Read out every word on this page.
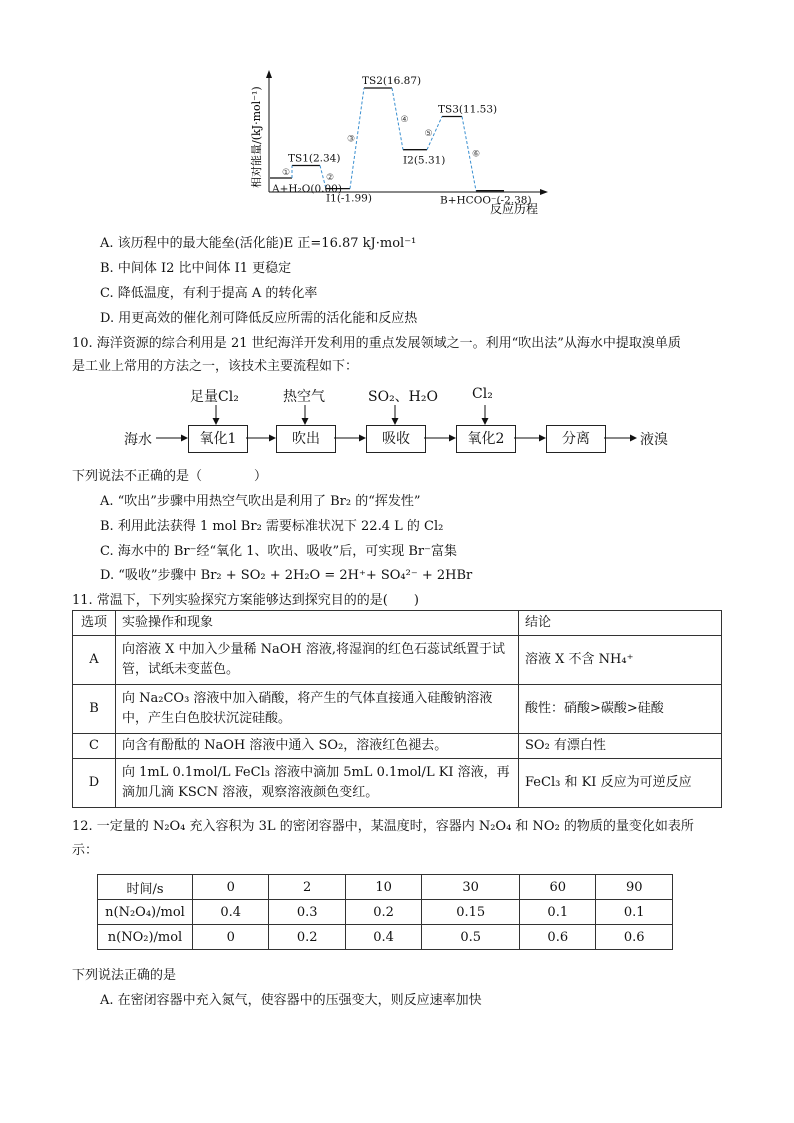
相对能量/(kJ·mol⁻¹)
反应历程
A+H₂O(0.00)
TS1(2.34)
I1(-1.99)
TS2(16.87)
I2(5.31)
TS3(11.53)
B+HCOO⁻(-2.38)
①
②
③
④
⑤
⑥
A. 该历程中的最大能垒(活化能)E 正=16.87 kJ·mol⁻¹
B. 中间体 I2 比中间体 I1 更稳定
C. 降低温度，有利于提高 A 的转化率
D. 用更高效的催化剂可降低反应所需的活化能和反应热
10. 海洋资源的综合利用是 21 世纪海洋开发利用的重点发展领域之一。利用“吹出法”从海水中提取溴单质
是工业上常用的方法之一，该技术主要流程如下：
海水	氧化1	吹出	吸收	氧化2	分离	液溴
足量Cl₂	热空气	SO₂、H₂O Cl₂
下列说法不正确的是（　　　　）
A. “吹出”步骤中用热空气吹出是利用了 Br₂ 的“挥发性”
B. 利用此法获得 1 mol Br₂ 需要标准状况下 22.4 L 的 Cl₂
C. 海水中的 Br⁻经“氧化 1、吹出、吸收”后，可实现 Br⁻富集
D. “吸收”步骤中 Br₂ + SO₂ + 2H₂O = 2H⁺+ SO₄²⁻ + 2HBr
11. 常温下，下列实验探究方案能够达到探究目的的是(　　)
选项	实验操作和现象	结论
A	向溶液 X 中加入少量稀 NaOH 溶液,将湿润的红色石蕊试纸置于试管，试纸未变蓝色。	溶液 X 不含 NH₄⁺
B	向 Na₂CO₃ 溶液中加入硝酸，将产生的气体直接通入硅酸钠溶液中，产生白色胶状沉淀硅酸。	酸性：硝酸>碳酸>硅酸
C	向含有酚酞的 NaOH 溶液中通入 SO₂，溶液红色褪去。	SO₂ 有漂白性
D	向 1mL 0.1mol/L FeCl₃ 溶液中滴加 5mL 0.1mol/L KI 溶液，再滴加几滴 KSCN 溶液，观察溶液颜色变红。	FeCl₃ 和 KI 反应为可逆反应
12. 一定量的 N₂O₄ 充入容积为 3L 的密闭容器中，某温度时，容器内 N₂O₄ 和 NO₂ 的物质的量变化如表所
示：
时间/s	0	2	10	30	60	90
n(N₂O₄)/mol	0.4	0.3	0.2	0.15	0.1	0.1
n(NO₂)/mol	0	0.2	0.4	0.5	0.6	0.6
下列说法正确的是
A. 在密闭容器中充入氮气，使容器中的压强变大，则反应速率加快
